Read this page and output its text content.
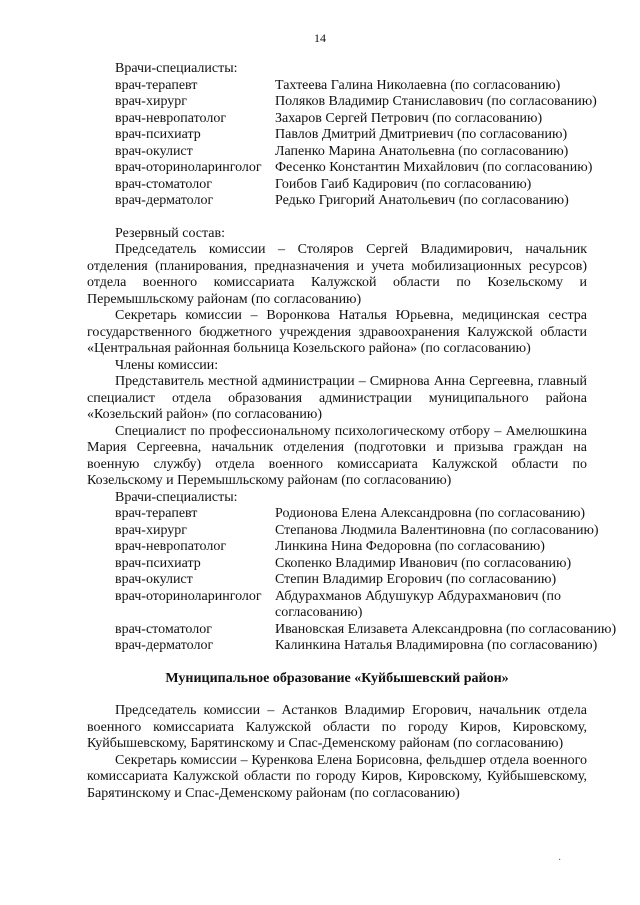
14
Врачи-специалисты:
врач-терапевт	Тахтеева Галина Николаевна (по согласованию)
врач-хирург	Поляков Владимир Станиславович (по согласованию)
врач-невропатолог	Захаров Сергей Петрович (по согласованию)
врач-психиатр	Павлов Дмитрий Дмитриевич (по согласованию)
врач-окулист	Лапенко Марина Анатольевна (по согласованию)
врач-оториноларинголог Фесенко Константин Михайлович (по согласованию)
врач-стоматолог	Гоибов Гаиб Кадирович (по согласованию)
врач-дерматолог	Редько Григорий Анатольевич (по согласованию)
Резервный состав:

Председатель комиссии – Столяров Сергей Владимирович, начальник отделения (планирования, предназначения и учета мобилизационных ресурсов) отдела военного комиссариата Калужской области по Козельскому и Перемышльскому районам (по согласованию)

Секретарь комиссии – Воронкова Наталья Юрьевна, медицинская сестра государственного бюджетного учреждения здравоохранения Калужской области «Центральная районная больница Козельского района» (по согласованию)

Члены комиссии:

Представитель местной администрации – Смирнова Анна Сергеевна, главный специалист отдела образования администрации муниципального района «Козельский район» (по согласованию)

Специалист по профессиональному психологическому отбору – Амелюшкина Мария Сергеевна, начальник отделения (подготовки и призыва граждан на военную службу) отдела военного комиссариата Калужской области по Козельскому и Перемышльскому районам (по согласованию)

Врачи-специалисты:
врач-терапевт	Родионова Елена Александровна (по согласованию)
врач-хирург	Степанова Людмила Валентиновна (по согласованию)
врач-невропатолог	Линкина Нина Федоровна (по согласованию)
врач-психиатр	Скопенко Владимир Иванович (по согласованию)
врач-окулист	Степин Владимир Егорович (по согласованию)
врач-оториноларинголог Абдурахманов Абдушукур Абдурахманович (по согласованию)
врач-стоматолог	Ивановская Елизавета Александровна (по согласованию)
врач-дерматолог	Калинкина Наталья Владимировна (по согласованию)
Муниципальное образование «Куйбышевский район»

Председатель комиссии – Астанков Владимир Егорович, начальник отдела военного комиссариата Калужской области по городу Киров, Кировскому, Куйбышевскому, Барятинскому и Спас-Деменскому районам (по согласованию)

Секретарь комиссии – Куренкова Елена Борисовна, фельдшер отдела военного комиссариата Калужской области по городу Киров, Кировскому, Куйбышевскому, Барятинскому и Спас-Деменскому районам (по согласованию)

·
